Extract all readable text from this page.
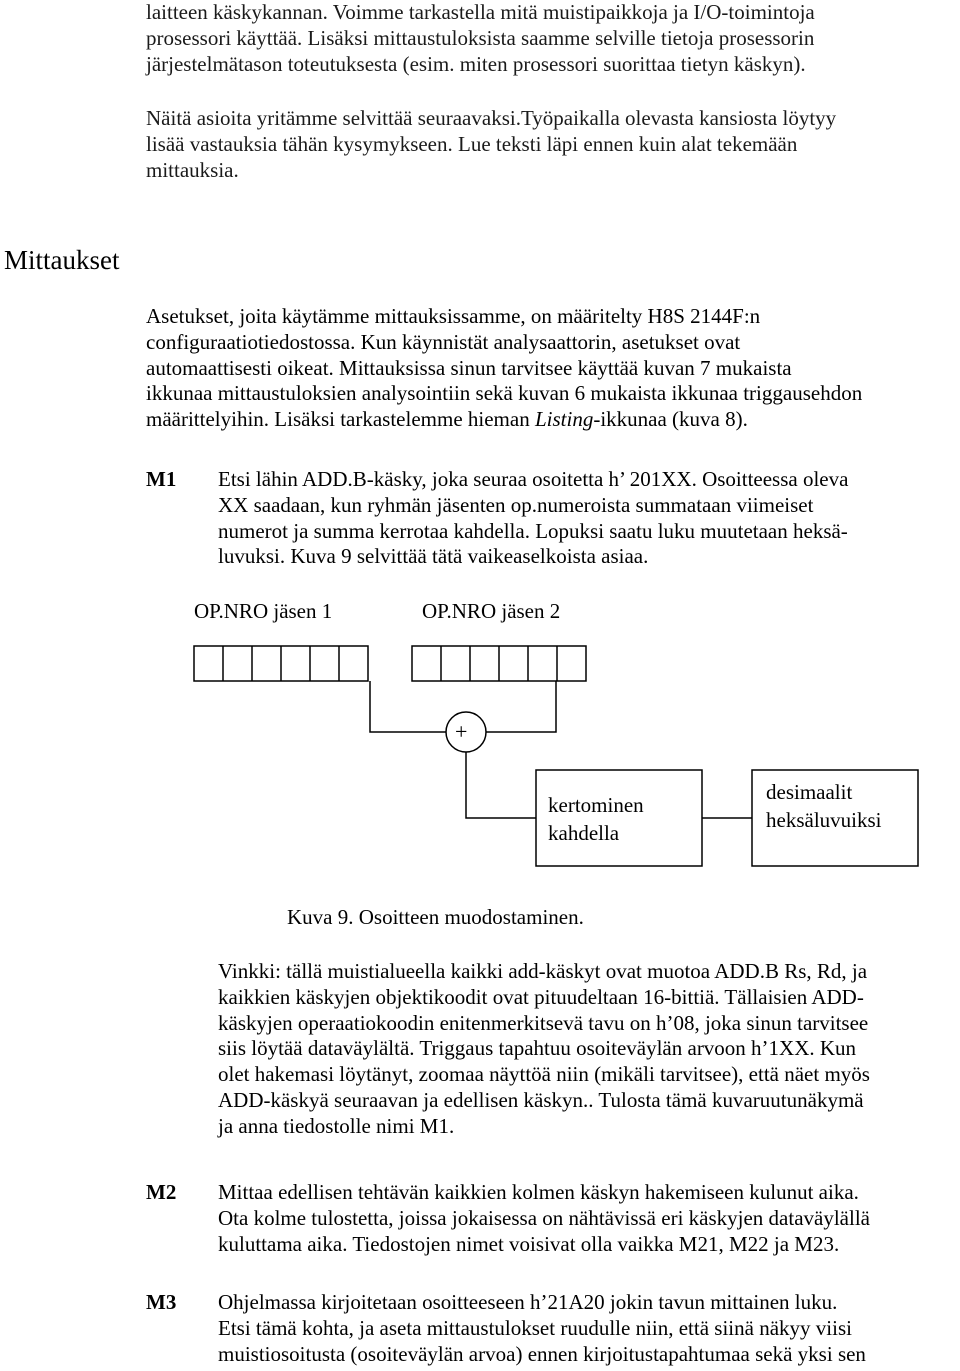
laitteen käskykannan. Voimme tarkastella mitä muistipaikkoja ja I/O-toimintoja
prosessori käyttää. Lisäksi mittaustuloksista saamme selville tietoja prosessorin
järjestelmätason toteutuksesta (esim. miten prosessori suorittaa tietyn käskyn).
Näitä asioita yritämme selvittää seuraavaksi.Työpaikalla olevasta kansiosta löytyy
lisää vastauksia tähän kysymykseen. Lue teksti läpi ennen kuin alat tekemään
mittauksia.
Mittaukset
Asetukset, joita käytämme mittauksissamme, on määritelty H8S 2144F:n
configuraatiotiedostossa. Kun käynnistät analysaattorin, asetukset ovat
automaattisesti oikeat. Mittauksissa sinun tarvitsee käyttää kuvan 7 mukaista
ikkunaa mittaustuloksien analysointiin sekä kuvan 6 mukaista ikkunaa triggausehdon
määrittelyihin. Lisäksi tarkastelemme hieman Listing-ikkunaa (kuva 8).
M1 Etsi lähin ADD.B-käsky, joka seuraa osoitetta h’ 201XX. Osoitteessa oleva
XX saadaan, kun ryhmän jäsenten op.numeroista summataan viimeiset
numerot ja summa kerrotaa kahdella. Lopuksi saatu luku muutetaan heksä-
luvuksi. Kuva 9 selvittää tätä vaikeaselkoista asiaa.
OP.NRO jäsen 1	OP.NRO jäsen 2
+
kertominen
kahdella
desimaalit
heksäluvuiksi
Kuva 9. Osoitteen muodostaminen.
Vinkki: tällä muistialueella kaikki add-käskyt ovat muotoa ADD.B Rs, Rd, ja
kaikkien käskyjen objektikoodit ovat pituudeltaan 16-bittiä. Tällaisien ADD-
käskyjen operaatiokoodin enitenmerkitsevä tavu on h’08, joka sinun tarvitsee
siis löytää dataväylältä. Triggaus tapahtuu osoiteväylän arvoon h’1XX. Kun
olet hakemasi löytänyt, zoomaa näyttöä niin (mikäli tarvitsee), että näet myös
ADD-käskyä seuraavan ja edellisen käskyn.. Tulosta tämä kuvaruutunäkymä
ja anna tiedostolle nimi M1.
M2 Mittaa edellisen tehtävän kaikkien kolmen käskyn hakemiseen kulunut aika.
Ota kolme tulostetta, joissa jokaisessa on nähtävissä eri käskyjen dataväylällä
kuluttama aika. Tiedostojen nimet voisivat olla vaikka M21, M22 ja M23.
M3 Ohjelmassa kirjoitetaan osoitteeseen h’21A20 jokin tavun mittainen luku.
Etsi tämä kohta, ja aseta mittaustulokset ruudulle niin, että siinä näkyy viisi
muistiosoitusta (osoiteväylän arvoa) ennen kirjoitustapahtumaa sekä yksi sen
